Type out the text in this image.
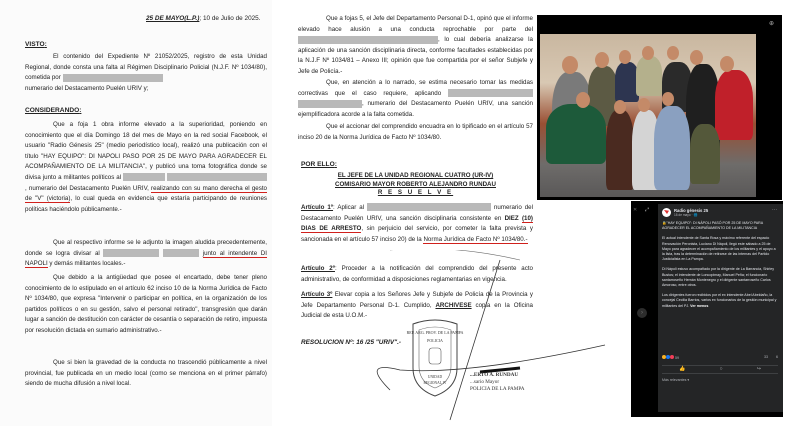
25 DE MAYO(L.P.); 10 de Julio de 2025.
VISTO:

El contenido del Expediente Nº 21052/2025, registro de esta Unidad Regional, donde consta una falta al Régimen Disciplinario Policial (N.J.F. Nº 1034/80), cometida por

numerario del Destacamento Puelén URIV y;

CONSIDERANDO:

Que a foja 1 obra informe elevado a la superioridad, poniendo en conocimiento que el día Domingo 18 del mes de Mayo en la red social Facebook, el usuario "Radio Génesis 25" (medio periodístico local), realizó una publicación con el título "HAY EQUIPO": DI NAPOLI PASO POR 25 DE MAYO PARA AGRADECER EL ACOMPAÑAMIENTO DE LA MILITANCIA", y publicó una toma fotográfica donde se divisa junto a militantes políticos al  , numerario del Destacamento Puelén URIV, realizando con su mano derecha el gesto de "V" (victoria), lo cual queda en evidencia que estaría participando de reuniones políticas haciéndolo públicamente.-

Que al respectivo informe se le adjunto la imagen aludida precedentemente, donde se logra divisar al	junto al intendente DI NAPOLI y demás militantes locales.-

Que debido a la antigüedad que posee el encartado, debe tener pleno conocimiento de lo estipulado en el artículo 62 inciso 10 de la Norma Jurídica de Facto Nº 1034/80, que expresa "Intervenir o participar en política, en la organización de los partidos políticos o en su gestión, salvo el personal retirado", transgresión que darán lugar a sanción de destitución con carácter de cesantía o separación de retiro, impuesta por resolución dictada en sumario administrativo.-

Que si bien la gravedad de la conducta no trascendió públicamente a nivel provincial, fue publicada en un medio local (como se menciona en el primer párrafo) siendo de mucha difusión a nivel local.

Que a fojas 5, el Jefe del Departamento Personal D-1, opinó que el informe elevado hace alusión a una conducta reprochable por parte del , lo cual debería analizarse la aplicación de una sanción disciplinaria directa, conforme facultades establecidas por la N.J.F Nº 1034/81 – Anexo III; opinión que fue compartida por el señor Subjefe y Jefe de Policía.-

Que, en atención a lo narrado, se estima necesario tomar las medidas correctivas que el caso requiere, aplicando  , numerario del Destacamento Puelén URIV, una sanción ejemplificadora acorde a la falta cometida.

Que el accionar del comprendido encuadra en lo tipificado en el artículo 57 inciso 20 de la Norma Jurídica de Facto Nº 1034/80.

POR ELLO:

EL JEFE DE LA UNIDAD REGIONAL CUATRO (UR-IV)

COMISARIO MAYOR ROBERTO ALEJANDRO RUNDAU

R E S U E L V E

Artículo 1º: Aplicar al	numerario del Destacamento Puelén URIV, una sanción disciplinaria consistente en DIEZ (10) DIAS DE ARRESTO, sin perjuicio del servicio, por cometer la falta prevista y sancionada en el artículo 57 inciso 20) de la Norma Jurídica de Facto Nº 1034/80.-

Artículo 2º: Proceder a la notificación del comprendido del presente acto administrativo, de conformidad a disposiciones reglamentarias en vigencia.

Artículo 3º Elevar copia a los Señores Jefe y Subjefe de Policía de la Provincia y Jefe Departamento Personal D-1. Cumplido, ARCHIVESE copia en la Oficina Judicial de esta U.O.M.-

RESOLUCION Nº: 16 /25 "URIV".-
REP. ARG. PROV. DE LA PAMPA
POLICIA
UNIDAD
REGIONAL IV
...ERTO A. RUNDAU
...sario Mayor
POLICIA DE LA PAMPA
⊕
✕ ⤢
›
Radio génesis 25
18 de mayo · 🌐
···

🔒"HAY EQUIPO": DI NÁPOLI PASÓ POR 25 DE MAYO PARA AGRADECER EL ACOMPAÑAMIENTO DE LA MILITANCIA

El actual intendente de Santa Rosa y máximo referente del espacio Renovación Peronista, Luciano Di Nápoli, llegó este sábado a 25 de Mayo para agradecer el acompañamiento de los militantes y el apoyo a la lista, tras la determinación de retirarse de las internas del Partido Justicialista en La Pampa.

Di Nápoli estuvo acompañado por la dirigente de La Barrancia, Shirley Bustos; el intendente de Loncopimay, Manuel Peña; el funcionario santarroseño Hernán Montenegro y el dirigente santarroseño Carlos Amoroso, entre otros.

Los dirigentes fueron recibidos por el ex intendente Abel Abeldaño, la concejal Cecilia Barrios, varios ex funcionarios de la gestión municipal y militantes del PJ. Ver menos

59	33 6
👍	○	↪
Más relevantes ▾
